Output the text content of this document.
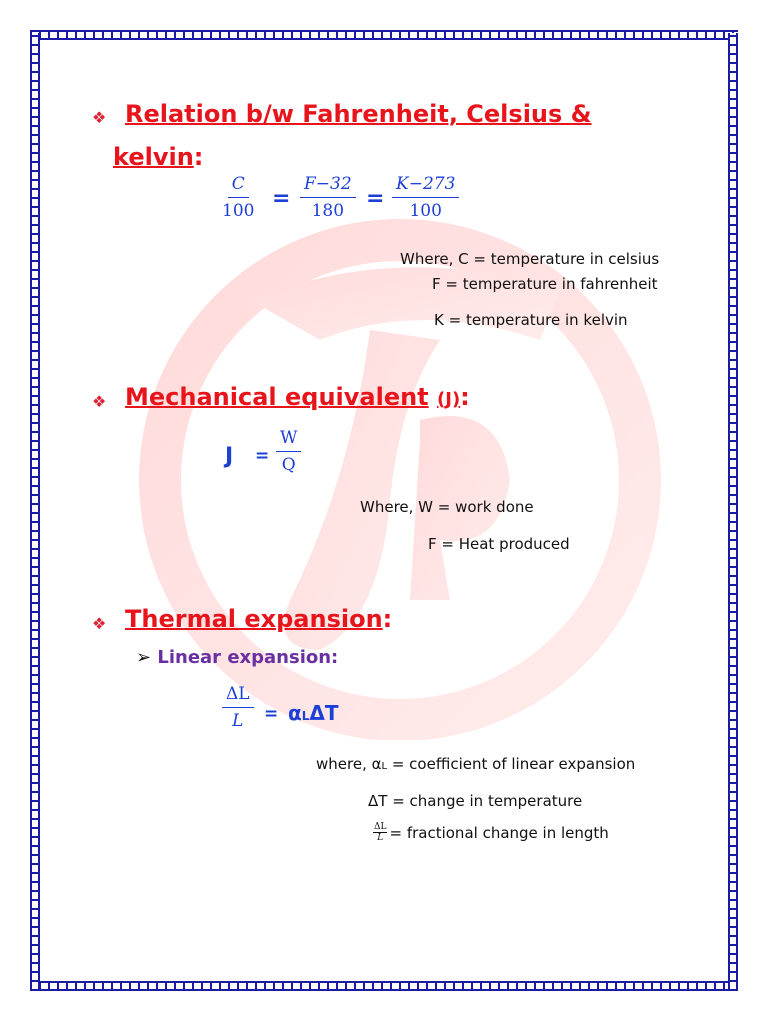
❖ Relation b/w Fahrenheit, Celsius &
kelvin:
$\frac{C}{100} = \frac{F-32}{180} = \frac{K-273}{100}$
Where, C = temperature in celsius
F = temperature in fahrenheit
K = temperature in kelvin
❖ Mechanical equivalent (J):
$J = \frac{W}{Q}$
Where, W = work done
F = Heat produced
❖ Thermal expansion:
➢ Linear expansion:
$\frac{\Delta L}{L} = \alpha L\Delta T$
where, αL = coefficient of linear expansion
ΔT = change in temperature
$\frac{\Delta L}{L}$ = fractional change in length
